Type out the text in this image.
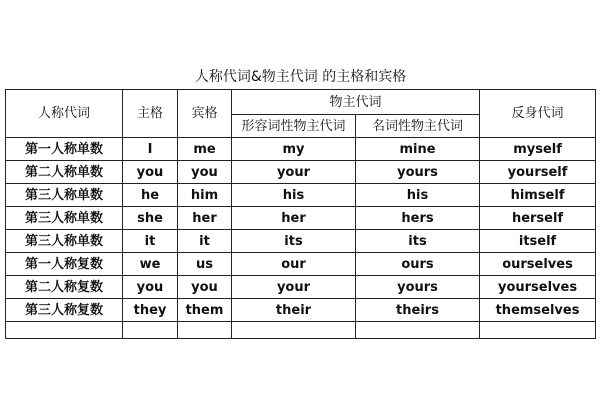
人称代词&物主代词 的主格和宾格					
人称代词	主格	宾格	物主代词		反身代词
			形容词性物主代词	名词性物主代词	
第一人称单数	I	me	my	mine	myself
第二人称单数	you	you	your	yours	yourself
第三人称单数	he	him	his	his	himself
第三人称单数	she	her	her	hers	herself
第三人称单数	it	it	its	its	itself
第一人称复数	we	us	our	ours	ourselves
第二人称复数	you	you	your	yours	yourselves
第三人称复数	they	them	their	theirs	themselves
